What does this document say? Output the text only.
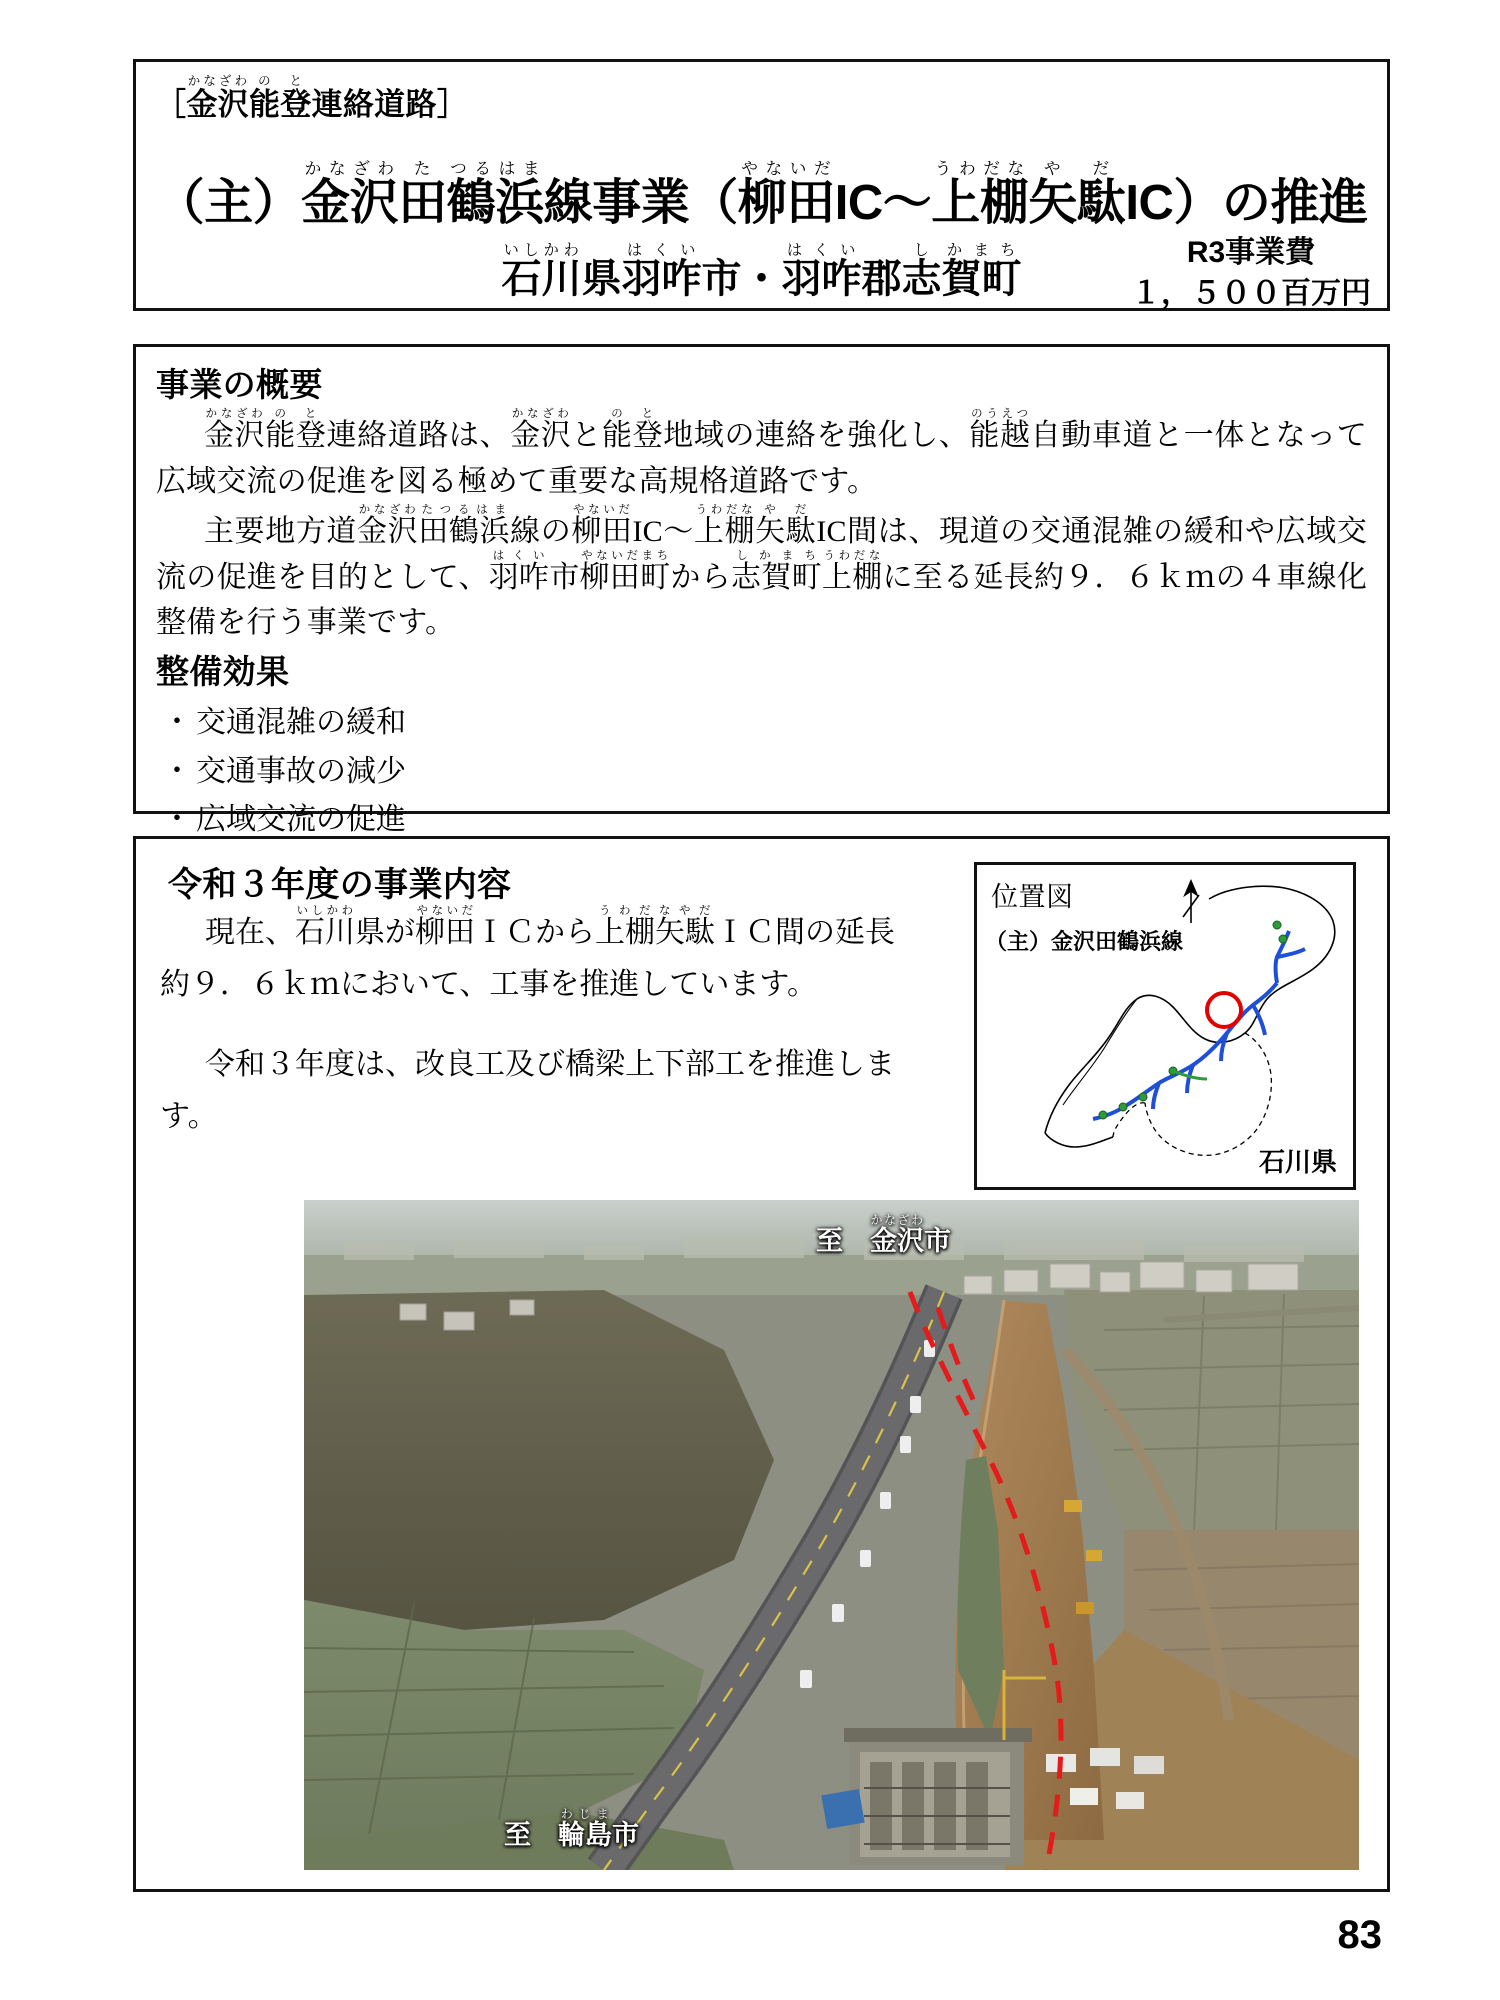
［金沢かなざわ能登のと連絡道路］
（主）金沢かなざわ田た鶴浜つるはま線事業（柳田やないだIC〜上棚うわだな矢や駄だIC）の推進
石川いしかわ県羽咋はくい市・羽咋はくい郡志し賀町かまち	R3事業費
１，５００百万円
事業の概要

金沢かなざわ能登のと連絡道路は、金沢かなざわと能登のと地域の連絡を強化し、能越のうえつ自動車道と一体となって広域交流の促進を図る極めて重要な高規格道路です。

主要地方道金沢かなざわ田鶴浜たつるはま線の柳田やないだIC〜上棚うわだな矢や駄だIC間は、現道の交通混雑の緩和や広域交流の促進を目的として、羽咋はくい市柳田町やないだまちから志賀町しかまち上棚うわだなに至る延長約９．６ｋｍの４車線化整備を行う事業です。

整備効果
・ 交通混雑の緩和
・ 交通事故の減少
・ 広域交流の促進
令和３年度の事業内容

現在、石川いしかわ県が柳田やないだＩＣから上棚矢駄うわだなやだＩＣ間の延長約９．６ｋｍにおいて、工事を推進しています。

令和３年度は、改良工及び橋梁上下部工を推進します。

位置図
（主）金沢田鶴浜線
石川県
至　金沢かなざわ市
至　輪島わじま市
83
